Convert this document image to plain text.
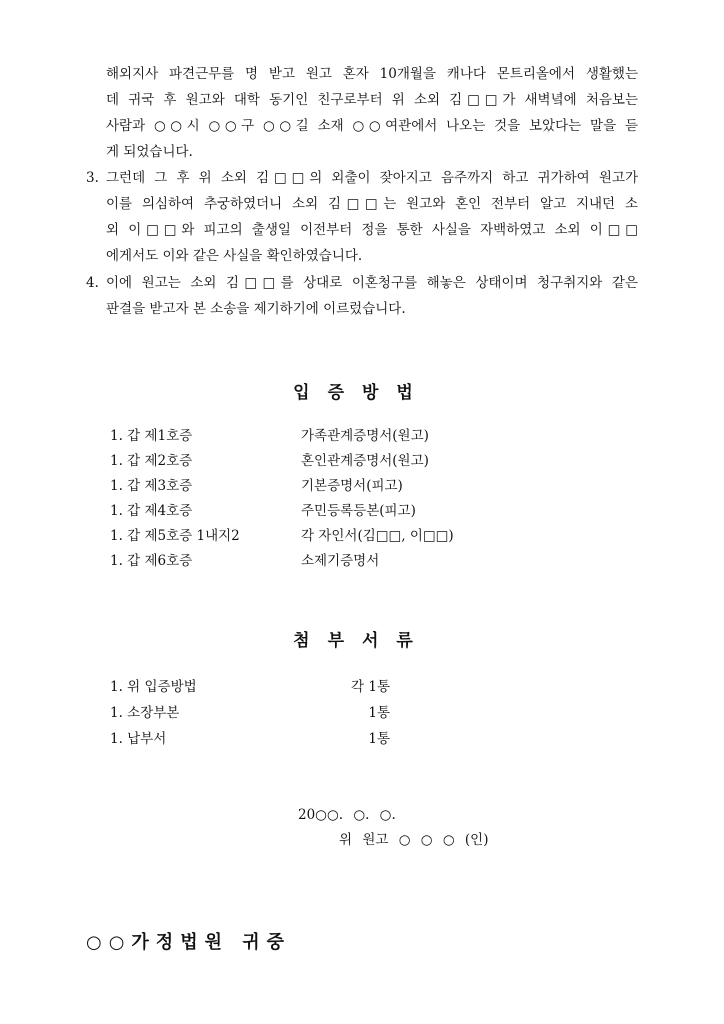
해외지사 파견근무를 명 받고 원고 혼자 10개월을 캐나다 몬트리올에서 생활했는
데 귀국 후 원고와 대학 동기인 친구로부터 위 소외 김□□가 새벽녘에 처음보는
사람과 ○○시 ○○구 ○○길 소재 ○○여관에서 나오는 것을 보았다는 말을 듣
게 되었습니다.
3. 그런데 그 후 위 소외 김□□의 외출이 잦아지고 음주까지 하고 귀가하여 원고가
이를 의심하여 추궁하였더니 소외 김□□는 원고와 혼인 전부터 알고 지내던 소
외 이□□와 피고의 출생일 이전부터 정을 통한 사실을 자백하였고 소외 이□□
에게서도 이와 같은 사실을 확인하였습니다.
4. 이에 원고는 소외 김□□를 상대로 이혼청구를 해놓은 상태이며 청구취지와 같은
판결을 받고자 본 소송을 제기하기에 이르렀습니다.
입증방법
1. 갑 제1호증	가족관계증명서(원고)
1. 갑 제2호증	혼인관계증명서(원고)
1. 갑 제3호증	기본증명서(피고)
1. 갑 제4호증	주민등록등본(피고)
1. 갑 제5호증 1내지2	각 자인서(김□□, 이□□)
1. 갑 제6호증	소제기증명서
첨부서류
1. 위 입증방법	각 1통
1. 소장부본	1통
1. 납부서	1통
20○○. ○. ○.
위 원고 ○ ○ ○ (인)
○○가정법원 귀중
